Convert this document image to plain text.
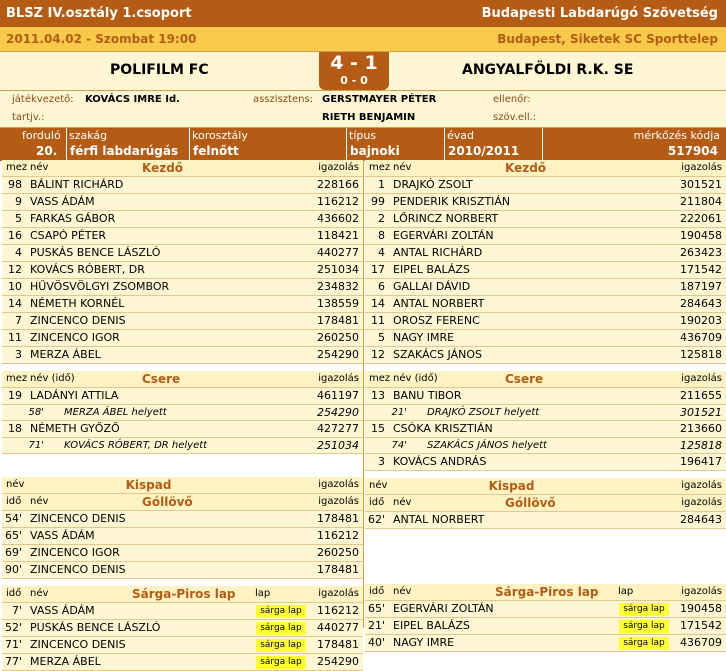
BLSZ IV.osztály 1.csoport	Budapesti Labdarúgó Szövetség
2011.04.02 - Szombat 19:00	Budapest, Siketek SC Sporttelep
POLIFILM FC	4 - 1
0 - 0
ANGYALFÖLDI R.K. SE
játékvezető: KOVÁCS IMRE Id.	asszisztens: GERSTMAYER PÉTER	ellenőr:
tartjv.:	RIETH BENJAMIN	szöv.ell.:
forduló
20.
szakág
férfi labdarúgás
korosztály
felnőtt
típus
bajnoki
évad
2010/2011
mérkőzés kódja
517904
mez név	Kezdő	igazolás
98 BÁLINT RICHÁRD	228166
9 VASS ÁDÁM	116212
5 FARKAS GÁBOR	436602
16 CSAPÓ PÉTER	118421
4 PUSKÁS BENCE LÁSZLÓ	440277
12 KOVÁCS RÓBERT, DR	251034
10 HŰVÖSVÖLGYI ZSOMBOR	234832
14 NÉMETH KORNÉL	138559
7 ZINCENCO DENIS	178481
11 ZINCENCO IGOR	260250
3 MERZA ÁBEL	254290
mez név (idő)	Csere	igazolás
19 LADÁNYI ATTILA	461197
58'	MERZA ÁBEL helyett	254290
18 NÉMETH GYŐZŐ	427277
71'	KOVÁCS RÓBERT, DR helyett	251034
név	Kispad	igazolás
idő név	Góllövő	igazolás
54' ZINCENCO DENIS	178481
65' VASS ÁDÁM	116212
69' ZINCENCO IGOR	260250
90' ZINCENCO DENIS	178481
idő név	Sárga-Piros lap	lap	igazolás
7' VASS ÁDÁM	sárga lap	116212
52' PUSKÁS BENCE LÁSZLÓ	sárga lap	440277
71' ZINCENCO DENIS	sárga lap	178481
77' MERZA ÁBEL	sárga lap	254290
mez név	Kezdő	igazolás
1 DRAJKÓ ZSOLT	301521
99 PENDERIK KRISZTIÁN	211804
2 LŐRINCZ NORBERT	222061
8 EGERVÁRI ZOLTÁN	190458
4 ANTAL RICHÁRD	263423
17 EIPEL BALÁZS	171542
6 GALLAI DÁVID	187197
14 ANTAL NORBERT	284643
11 OROSZ FERENC	190203
5 NAGY IMRE	436709
12 SZAKÁCS JÁNOS	125818
mez név (idő)	Csere	igazolás
13 BANU TIBOR	211655
21'	DRAJKÓ ZSOLT helyett	301521
15 CSÓKA KRISZTIÁN	213660
74'	SZAKÁCS JÁNOS helyett	125818
3 KOVÁCS ANDRÁS	196417
név	Kispad	igazolás
idő név	Góllövő	igazolás
62' ANTAL NORBERT	284643
idő név	Sárga-Piros lap	lap	igazolás
65' EGERVÁRI ZOLTÁN	sárga lap	190458
21' EIPEL BALÁZS	sárga lap	171542
40' NAGY IMRE	sárga lap	436709
